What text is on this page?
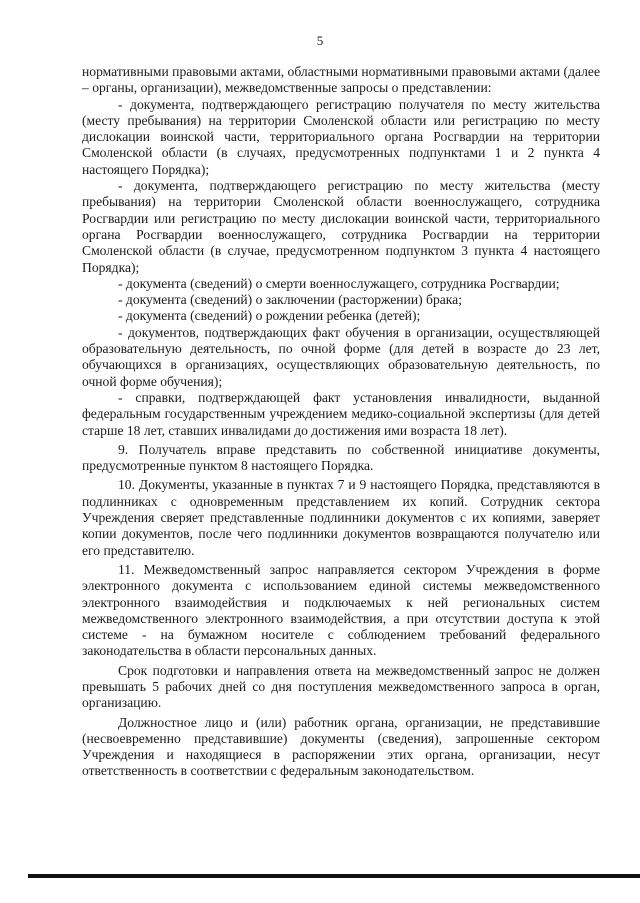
5

нормативными правовыми актами, областными нормативными правовыми актами (далее – органы, организации), межведомственные запросы о представлении:

- документа, подтверждающего регистрацию получателя по месту жительства (месту пребывания) на территории Смоленской области или регистрацию по месту дислокации воинской части, территориального органа Росгвардии на территории Смоленской области (в случаях, предусмотренных подпунктами 1 и 2 пункта 4 настоящего Порядка);

- документа, подтверждающего регистрацию по месту жительства (месту пребывания) на территории Смоленской области военнослужащего, сотрудника Росгвардии или регистрацию по месту дислокации воинской части, территориального органа Росгвардии военнослужащего, сотрудника Росгвардии на территории Смоленской области (в случае, предусмотренном подпунктом 3 пункта 4 настоящего Порядка);

- документа (сведений) о смерти военнослужащего, сотрудника Росгвардии;

- документа (сведений) о заключении (расторжении) брака;

- документа (сведений) о рождении ребенка (детей);

- документов, подтверждающих факт обучения в организации, осуществляющей образовательную деятельность, по очной форме (для детей в возрасте до 23 лет, обучающихся в организациях, осуществляющих образовательную деятельность, по очной форме обучения);

- справки, подтверждающей факт установления инвалидности, выданной федеральным государственным учреждением медико-социальной экспертизы (для детей старше 18 лет, ставших инвалидами до достижения ими возраста 18 лет).

9. Получатель вправе представить по собственной инициативе документы, предусмотренные пунктом 8 настоящего Порядка.

10. Документы, указанные в пунктах 7 и 9 настоящего Порядка, представляются в подлинниках с одновременным представлением их копий. Сотрудник сектора Учреждения сверяет представленные подлинники документов с их копиями, заверяет копии документов, после чего подлинники документов возвращаются получателю или его представителю.

11. Межведомственный запрос направляется сектором Учреждения в форме электронного документа с использованием единой системы межведомственного электронного взаимодействия и подключаемых к ней региональных систем межведомственного электронного взаимодействия, а при отсутствии доступа к этой системе - на бумажном носителе с соблюдением требований федерального законодательства в области персональных данных.

Срок подготовки и направления ответа на межведомственный запрос не должен превышать 5 рабочих дней со дня поступления межведомственного запроса в орган, организацию.

Должностное лицо и (или) работник органа, организации, не представившие (несвоевременно представившие) документы (сведения), запрошенные сектором Учреждения и находящиеся в распоряжении этих органа, организации, несут ответственность в соответствии с федеральным законодательством.
